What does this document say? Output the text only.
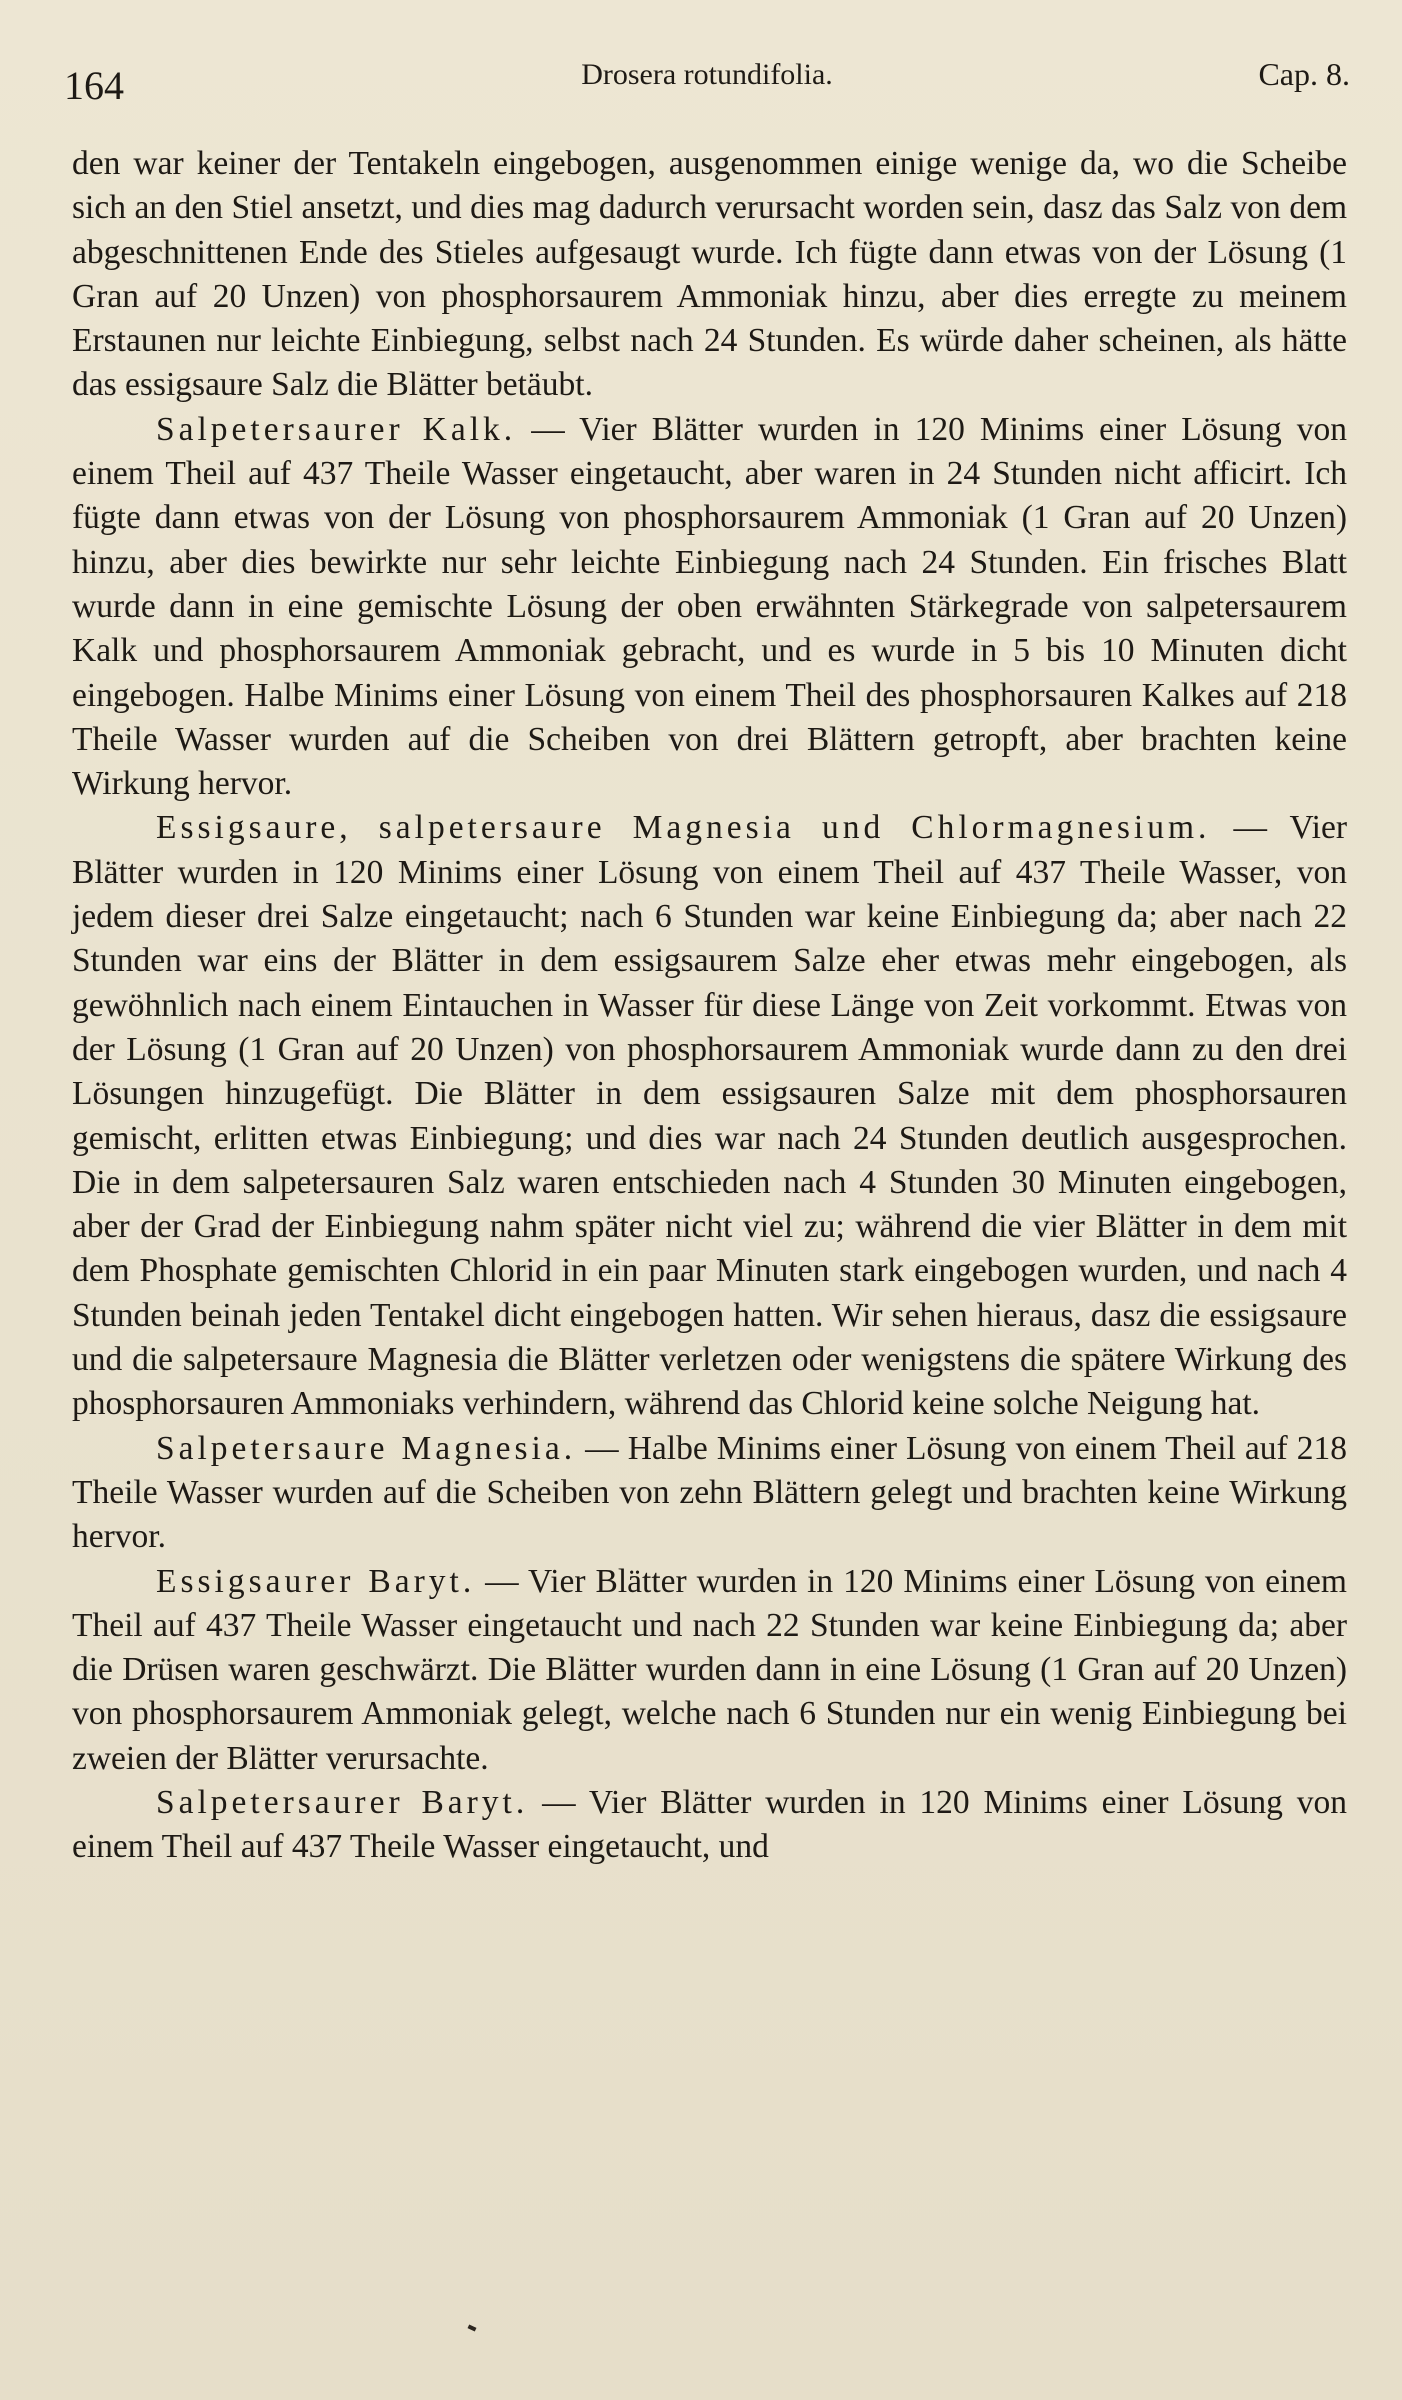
164	Drosera rotundifolia.	Cap. 8.

den war keiner der Tentakeln eingebogen, ausgenommen einige wenige da, wo die Scheibe sich an den Stiel ansetzt, und dies mag dadurch verursacht worden sein, dasz das Salz von dem abgeschnittenen Ende des Stieles aufgesaugt wurde. Ich fügte dann etwas von der Lösung (1 Gran auf 20 Unzen) von phosphorsaurem Ammoniak hinzu, aber dies erregte zu meinem Erstaunen nur leichte Einbiegung, selbst nach 24 Stunden. Es würde daher scheinen, als hätte das essigsaure Salz die Blätter betäubt.

Salpetersaurer Kalk. — Vier Blätter wurden in 120 Minims einer Lösung von einem Theil auf 437 Theile Wasser eingetaucht, aber waren in 24 Stunden nicht afficirt. Ich fügte dann etwas von der Lösung von phosphorsaurem Ammoniak (1 Gran auf 20 Unzen) hinzu, aber dies bewirkte nur sehr leichte Einbiegung nach 24 Stunden. Ein frisches Blatt wurde dann in eine gemischte Lösung der oben erwähnten Stärkegrade von salpetersaurem Kalk und phosphorsaurem Ammoniak gebracht, und es wurde in 5 bis 10 Minuten dicht eingebogen. Halbe Minims einer Lösung von einem Theil des phosphorsauren Kalkes auf 218 Theile Wasser wurden auf die Scheiben von drei Blättern getropft, aber brachten keine Wirkung hervor.

Essigsaure, salpetersaure Magnesia und Chlormagnesium. — Vier Blätter wurden in 120 Minims einer Lösung von einem Theil auf 437 Theile Wasser, von jedem dieser drei Salze eingetaucht; nach 6 Stunden war keine Einbiegung da; aber nach 22 Stunden war eins der Blätter in dem essigsaurem Salze eher etwas mehr eingebogen, als gewöhnlich nach einem Eintauchen in Wasser für diese Länge von Zeit vorkommt. Etwas von der Lösung (1 Gran auf 20 Unzen) von phosphorsaurem Ammoniak wurde dann zu den drei Lösungen hinzugefügt. Die Blätter in dem essigsauren Salze mit dem phosphorsauren gemischt, erlitten etwas Einbiegung; und dies war nach 24 Stunden deutlich ausgesprochen. Die in dem salpetersauren Salz waren entschieden nach 4 Stunden 30 Minuten eingebogen, aber der Grad der Einbiegung nahm später nicht viel zu; während die vier Blätter in dem mit dem Phosphate gemischten Chlorid in ein paar Minuten stark eingebogen wurden, und nach 4 Stunden beinah jeden Tentakel dicht eingebogen hatten. Wir sehen hieraus, dasz die essigsaure und die salpetersaure Magnesia die Blätter verletzen oder wenigstens die spätere Wirkung des phosphorsauren Ammoniaks verhindern, während das Chlorid keine solche Neigung hat.

Salpetersaure Magnesia. — Halbe Minims einer Lösung von einem Theil auf 218 Theile Wasser wurden auf die Scheiben von zehn Blättern gelegt und brachten keine Wirkung hervor.

Essigsaurer Baryt. — Vier Blätter wurden in 120 Minims einer Lösung von einem Theil auf 437 Theile Wasser eingetaucht und nach 22 Stunden war keine Einbiegung da; aber die Drüsen waren geschwärzt. Die Blätter wurden dann in eine Lösung (1 Gran auf 20 Unzen) von phosphorsaurem Ammoniak gelegt, welche nach 6 Stunden nur ein wenig Einbiegung bei zweien der Blätter verursachte.

Salpetersaurer Baryt. — Vier Blätter wurden in 120 Minims einer Lösung von einem Theil auf 437 Theile Wasser eingetaucht, und
